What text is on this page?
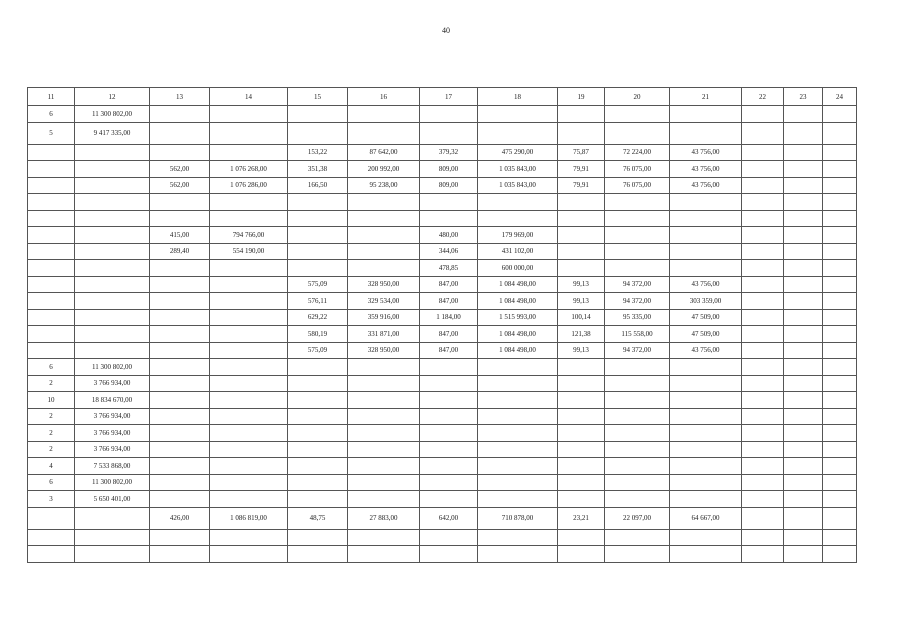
40
11	12	13	14	15	16	17	18	19	20	21	22	23	24
6	11 300 802,00												
5	9 417 335,00												
				153,22	87 642,00	379,32	475 290,00	75,87	72 224,00	43 756,00			
		562,00	1 076 268,00	351,38	200 992,00	809,00	1 035 843,00	79,91	76 075,00	43 756,00			
		562,00	1 076 286,00	166,50	95 238,00	809,00	1 035 843,00	79,91	76 075,00	43 756,00			

		415,00	794 766,00			480,00	179 969,00						
		289,40	554 190,00			344,06	431 102,00						
						478,85	600 000,00						
				575,09	328 950,00	847,00	1 084 498,00	99,13	94 372,00	43 756,00			
				576,11	329 534,00	847,00	1 084 498,00	99,13	94 372,00	303 359,00			
				629,22	359 916,00	1 184,00	1 515 993,00	100,14	95 335,00	47 509,00			
				580,19	331 871,00	847,00	1 084 498,00	121,38	115 558,00	47 509,00			
				575,09	328 950,00	847,00	1 084 498,00	99,13	94 372,00	43 756,00			
6	11 300 802,00												
2	3 766 934,00												
10	18 834 670,00												
2	3 766 934,00												
2	3 766 934,00												
2	3 766 934,00												
4	7 533 868,00												
6	11 300 802,00												
3	5 650 401,00												
		426,00	1 086 819,00	48,75	27 883,00	642,00	710 878,00	23,21	22 097,00	64 667,00			
